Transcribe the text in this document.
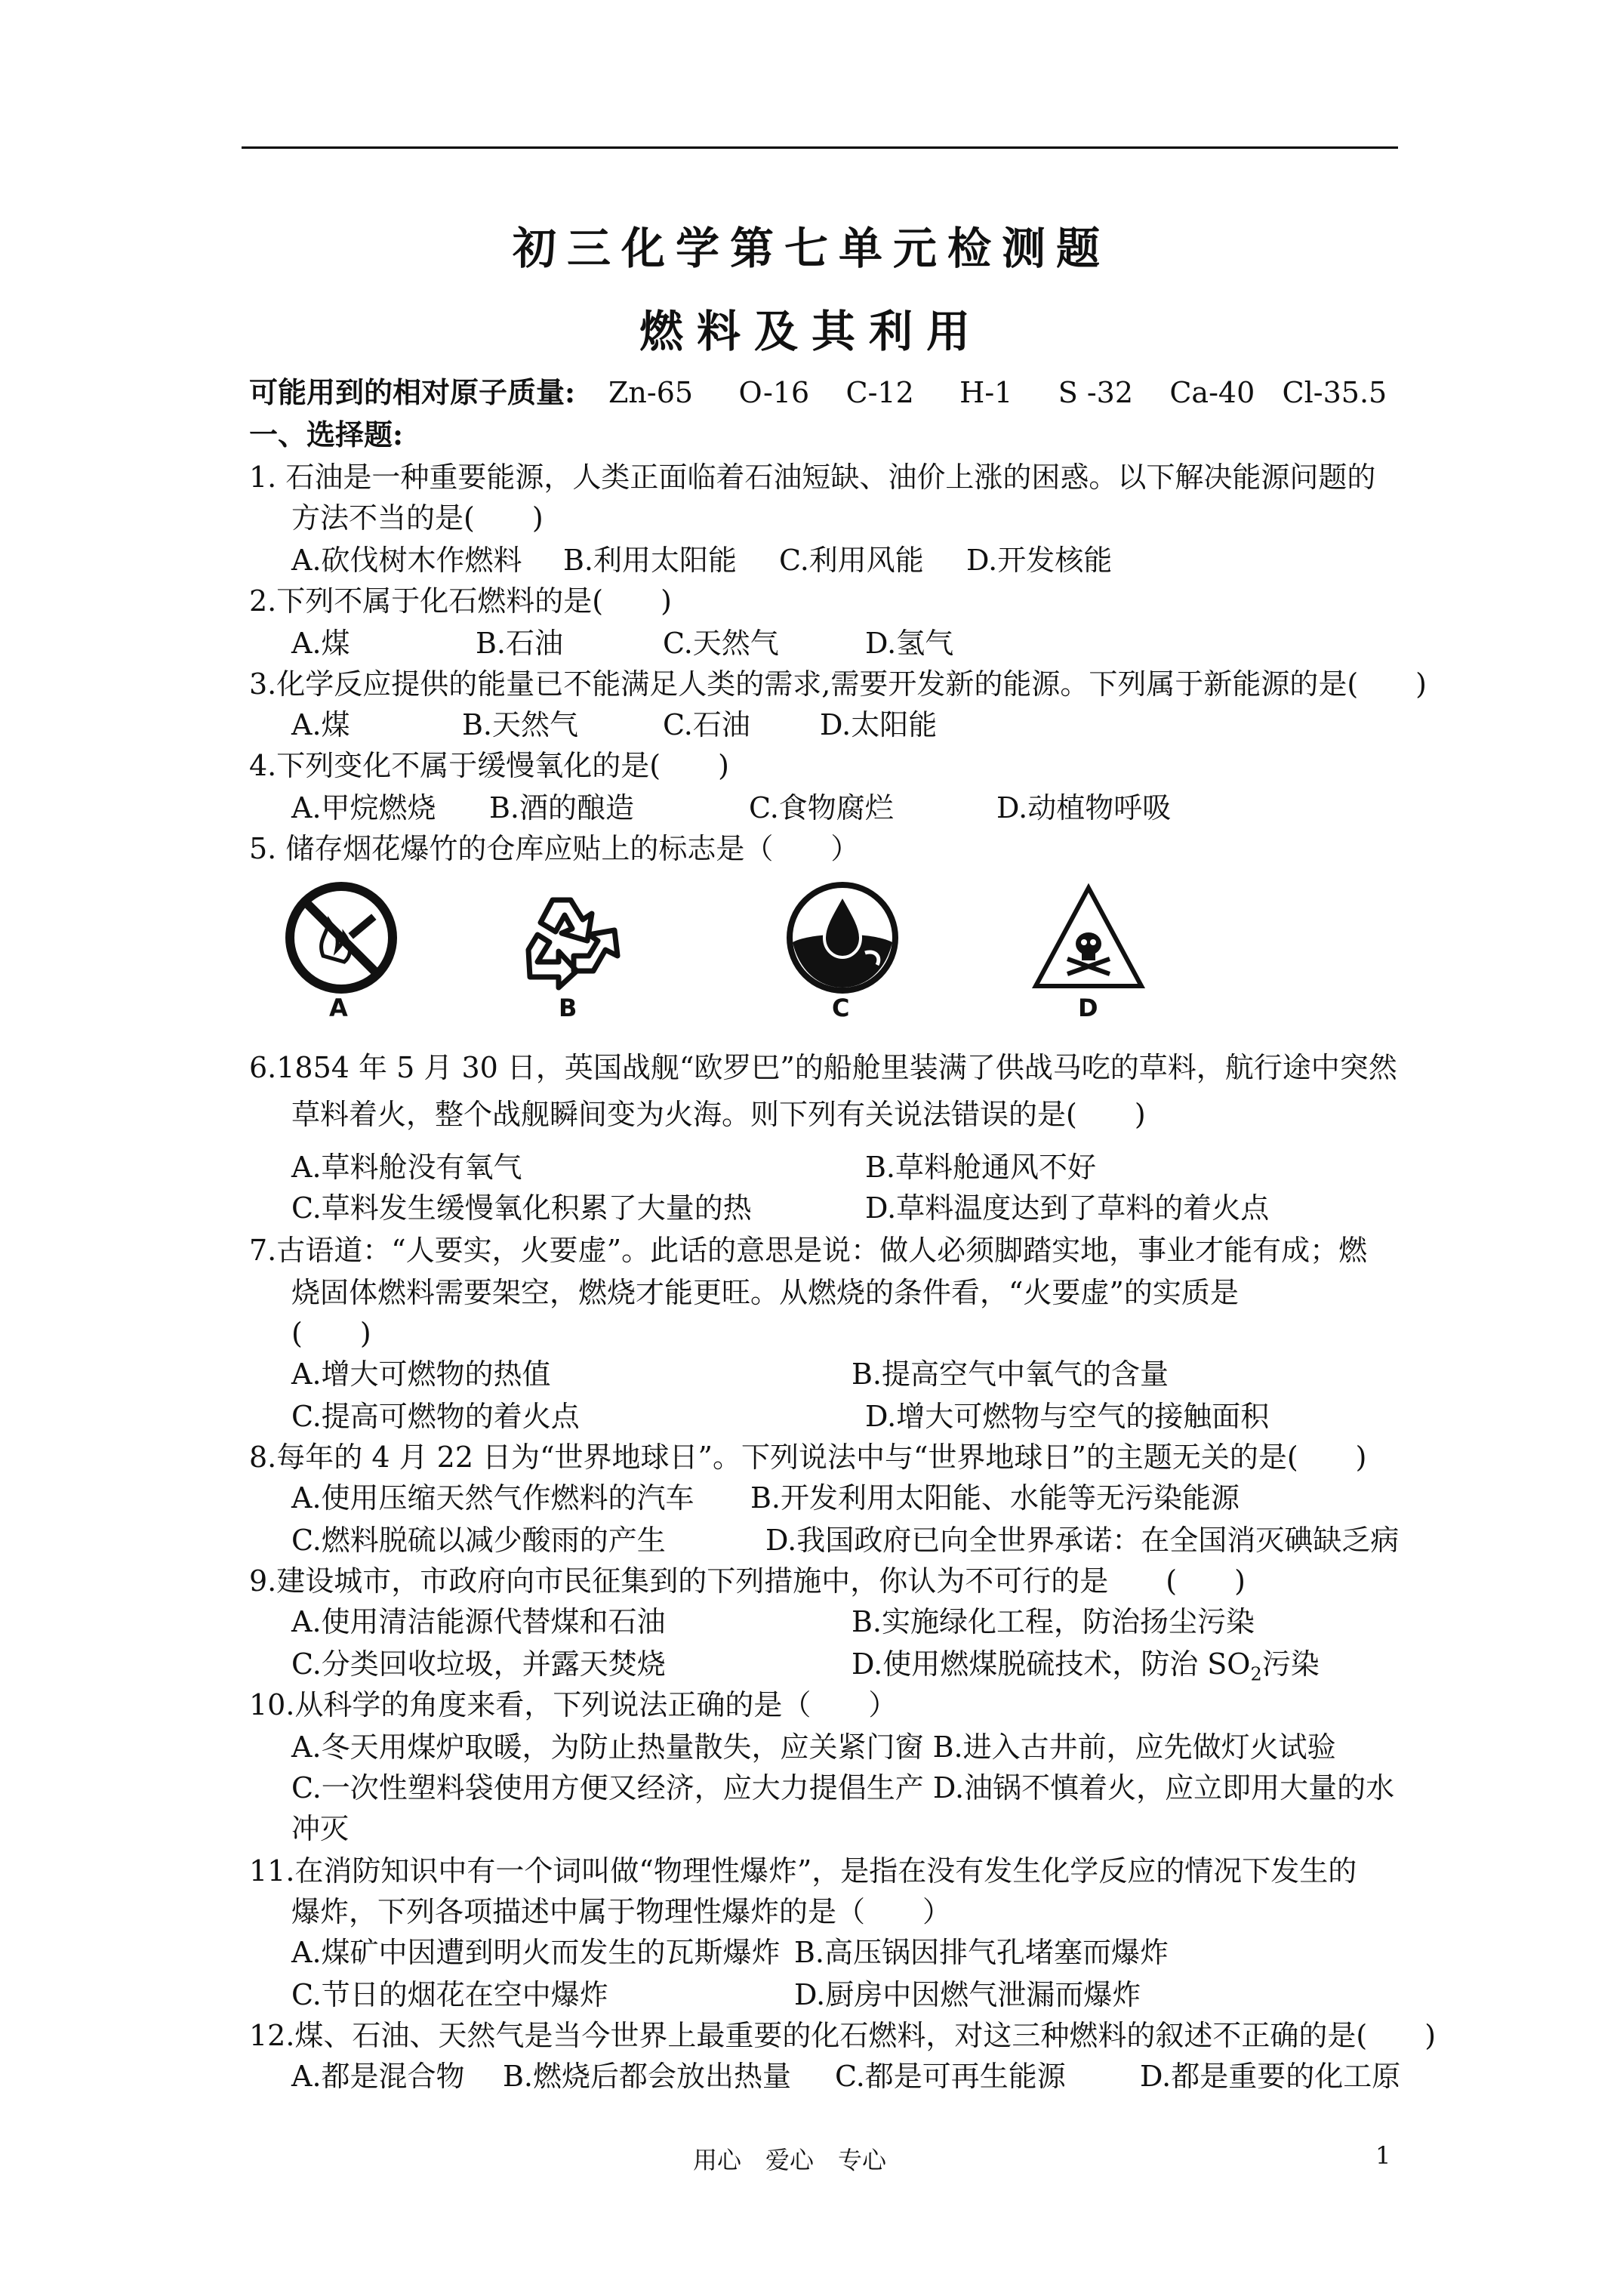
初三化学第七单元检测题
燃料及其利用
可能用到的相对原子质量: Zn-65     O-16    C-12     H-1     S -32    Ca-40   Cl-35.5
一、选择题:
1. 石油是一种重要能源，人类正面临着石油短缺、油价上涨的困惑。以下解决能源问题的
方法不当的是(　　)
A.砍伐树木作燃料 B.利用太阳能 C.利用风能 D.开发核能
2.下列不属于化石燃料的是(　　)
A.煤	B.石油	C.天然气	D.氢气
3.化学反应提供的能量已不能满足人类的需求,需要开发新的能源。下列属于新能源的是(　　)
A.煤	B.天然气	C.石油 D.太阳能
4.下列变化不属于缓慢氧化的是(　　)
A.甲烷燃烧 B.酒的酿造	C.食物腐烂	D.动植物呼吸
5. 储存烟花爆竹的仓库应贴上的标志是（　　）
A	B	C	D
6.1854 年 5 月 30 日，英国战舰“欧罗巴”的船舱里装满了供战马吃的草料，航行途中突然
草料着火，整个战舰瞬间变为火海。则下列有关说法错误的是(　　)
A.草料舱没有氧气	B.草料舱通风不好
C.草料发生缓慢氧化积累了大量的热	D.草料温度达到了草料的着火点
7.古语道：“人要实，火要虚”。此话的意思是说：做人必须脚踏实地，事业才能有成；燃
烧固体燃料需要架空，燃烧才能更旺。从燃烧的条件看，“火要虚”的实质是
(　　)
A.增大可燃物的热值	B.提高空气中氧气的含量
C.提高可燃物的着火点	D.增大可燃物与空气的接触面积
8.每年的 4 月 22 日为“世界地球日”。下列说法中与“世界地球日”的主题无关的是(　　)
A.使用压缩天然气作燃料的汽车 B.开发利用太阳能、水能等无污染能源
C.燃料脱硫以减少酸雨的产生	D.我国政府已向全世界承诺：在全国消灭碘缺乏病
9.建设城市，市政府向市民征集到的下列措施中，你认为不可行的是　　(　　)
A.使用清洁能源代替煤和石油	B.实施绿化工程，防治扬尘污染
C.分类回收垃圾，并露天焚烧	D.使用燃煤脱硫技术，防治 $SO_2$污染
10.从科学的角度来看，下列说法正确的是（　　）
A.冬天用煤炉取暖，为防止热量散失，应关紧门窗 B.进入古井前，应先做灯火试验
C.一次性塑料袋使用方便又经济，应大力提倡生产 D.油锅不慎着火，应立即用大量的水
冲灭
11.在消防知识中有一个词叫做“物理性爆炸”，是指在没有发生化学反应的情况下发生的
爆炸，下列各项描述中属于物理性爆炸的是（　　）
A.煤矿中因遭到明火而发生的瓦斯爆炸 B.高压锅因排气孔堵塞而爆炸
C.节日的烟花在空中爆炸	D.厨房中因燃气泄漏而爆炸
12.煤、石油、天然气是当今世界上最重要的化石燃料，对这三种燃料的叙述不正确的是(　　)
A.都是混合物 B.燃烧后都会放出热量 C.都是可再生能源	D.都是重要的化工原
用心　爱心　专心	1
